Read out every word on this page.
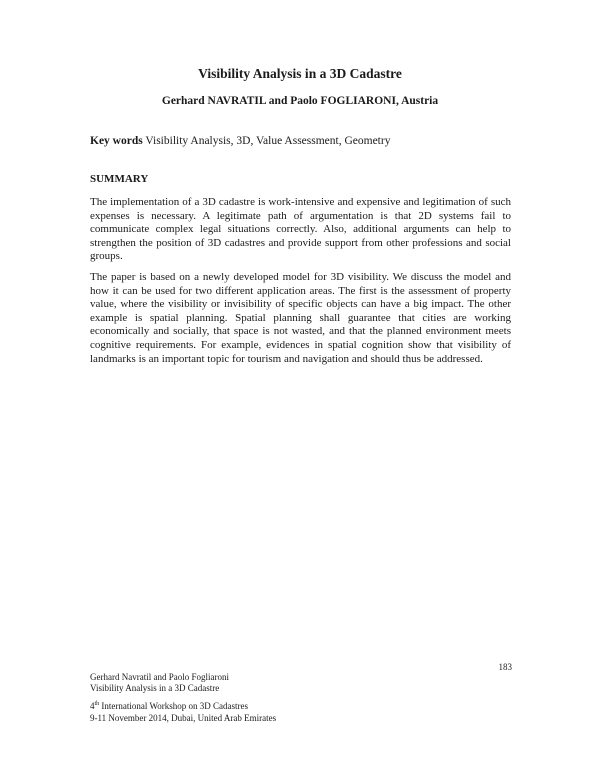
Visibility Analysis in a 3D Cadastre

Gerhard NAVRATIL and Paolo FOGLIARONI, Austria

Key words Visibility Analysis, 3D, Value Assessment, Geometry

SUMMARY

The implementation of a 3D cadastre is work-intensive and expensive and legitimation of such expenses is necessary. A legitimate path of argumentation is that 2D systems fail to communicate complex legal situations correctly. Also, additional arguments can help to strengthen the position of 3D cadastres and provide support from other professions and social groups.

The paper is based on a newly developed model for 3D visibility. We discuss the model and how it can be used for two different application areas. The first is the assessment of property value, where the visibility or invisibility of specific objects can have a big impact. The other example is spatial planning. Spatial planning shall guarantee that cities are working economically and socially, that space is not wasted, and that the planned environment meets cognitive requirements. For example, evidences in spatial cognition show that visibility of landmarks is an important topic for tourism and navigation and should thus be addressed.

183

Gerhard Navratil and Paolo Fogliaroni

Visibility Analysis in a 3D Cadastre

4th International Workshop on 3D Cadastres

9-11 November 2014, Dubai, United Arab Emirates
